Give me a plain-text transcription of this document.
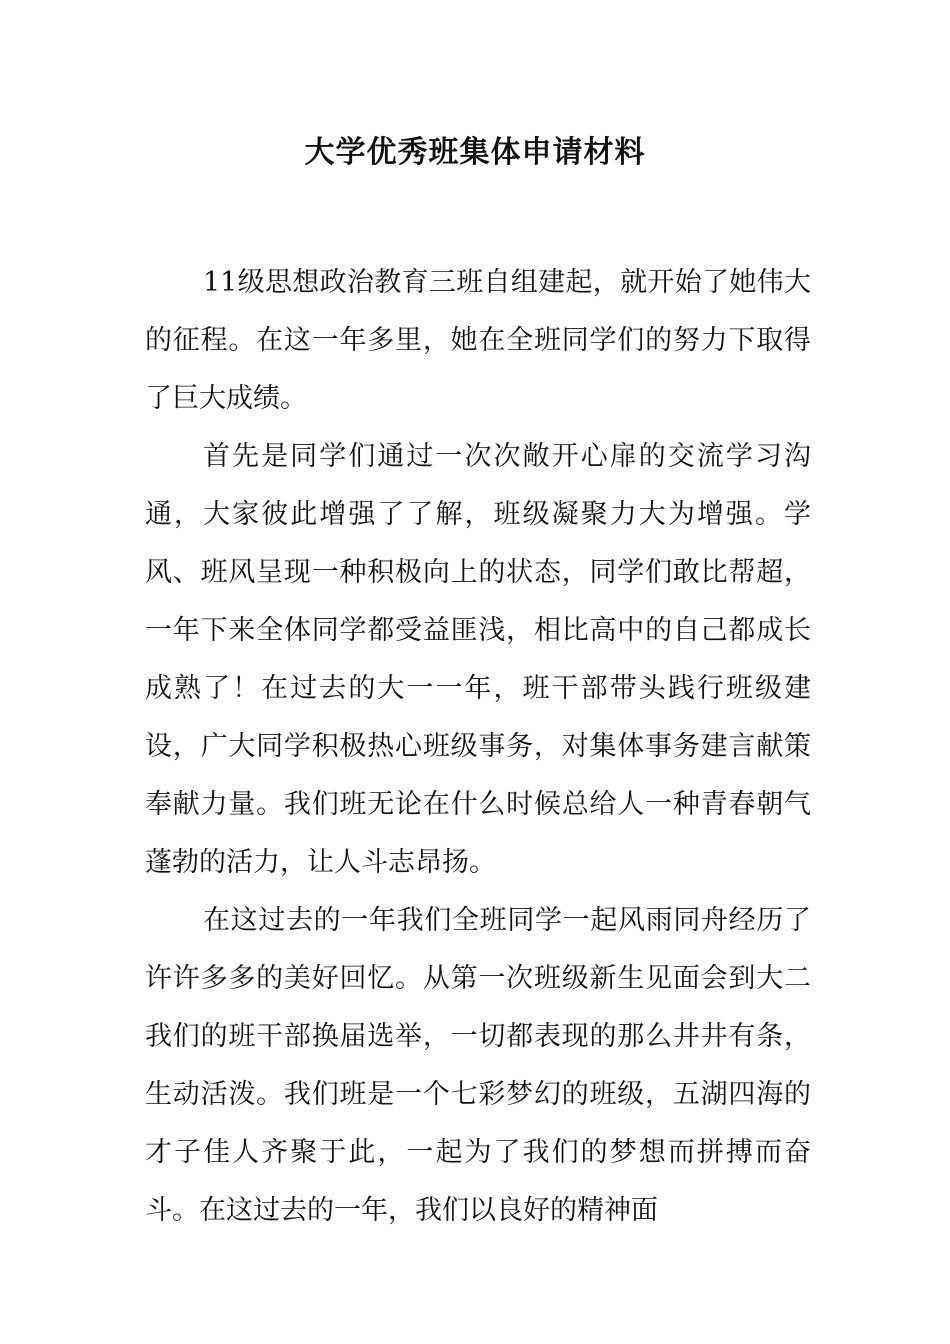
大学优秀班集体申请材料

11级思想政治教育三班自组建起，就开始了她伟大的征程。在这一年多里，她在全班同学们的努力下取得了巨大成绩。

首先是同学们通过一次次敞开心扉的交流学习沟通，大家彼此增强了了解，班级凝聚力大为增强。学风、班风呈现一种积极向上的状态，同学们敢比帮超，一年下来全体同学都受益匪浅，相比高中的自己都成长成熟了！在过去的大一一年，班干部带头践行班级建设，广大同学积极热心班级事务，对集体事务建言献策奉献力量。我们班无论在什么时候总给人一种青春朝气蓬勃的活力，让人斗志昂扬。

在这过去的一年我们全班同学一起风雨同舟经历了许许多多的美好回忆。从第一次班级新生见面会到大二我们的班干部换届选举，一切都表现的那么井井有条，生动活泼。我们班是一个七彩梦幻的班级，五湖四海的才子佳人齐聚于此，一起为了我们的梦想而拼搏而奋斗。在这过去的一年，我们以良好的精神面
